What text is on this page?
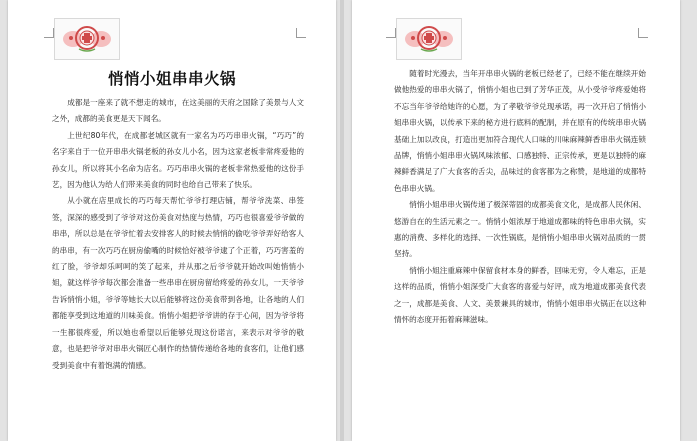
悄悄小姐串串火锅

成都是一座来了就不想走的城市，在这美丽的天府之国除了美景与人文之外，成都的美食更是天下闻名。

上世纪80年代，在成都老城区就有一家名为巧巧串串火锅，“巧巧”的名字来自于一位开串串火锅老板的孙女儿小名，因为这家老板非常疼爱他的孙女儿，所以将其小名命为店名。巧巧串串火锅的老板非常热爱他的这份手艺，因为他认为给人们带来美食的同时也给自己带来了快乐。

从小就在店里成长的巧巧每天帮忙爷爷打理店铺，帮爷爷洗菜、串签签，深深的感受到了爷爷对这份美食对热度与热情，巧巧也很喜爱爷爷做的串串，所以总是在爷爷忙着去安排客人的时候去悄悄的偷吃爷爷弄好给客人的串串，有一次巧巧在厨房偷嘴的时候恰好被爷爷逮了个正着，巧巧害羞的红了脸，爷爷却乐呵呵的笑了起来，并从那之后爷爷就开始改叫她悄悄小姐，就这样爷爷每次都会准备一些串串在厨房留给疼爱的孙女儿，一天爷爷告诉悄悄小姐，爷爷等她长大以后能够将这份美食带到各地，让各地的人们都能享受到这地道的川味美食。悄悄小姐把爷爷讲的存于心间，因为爷爷将一生都很疼爱，所以她也希望以后能够兑现这份诺言，来表示对爷爷的敬意，也是把爷爷对串串火锅匠心制作的热情传递给各地的食客们，让他们感受到美食中有着饱满的情感。

随着时光漫去，当年开串串火锅的老板已经老了，已经不能在继续开始做他热爱的串串火锅了，悄悄小姐也已到了芳华正茂，从小受爷爷疼爱她将不忘当年爷爷给她许的心愿，为了孝敬爷爷兑现承诺，再一次开启了悄悄小姐串串火锅，以传承下来的秘方进行底料的配制，并在原有的传统串串火锅基础上加以改良，打造出更加符合现代人口味的川味麻辣鲜香串串火锅连锁品牌，悄悄小姐串串火锅风味浓郁、口感独特、正宗传承，更是以独特的麻辣鲜香满足了广大食客的舌尖，品味过的食客都为之称赞，是地道的成都特色串串火锅。

悄悄小姐串串火锅传递了极深蒂固的成都美食文化，是成都人民休闲、悠游自在的生活元素之一。悄悄小姐浓厚于地道成都味的特色串串火锅，实惠的消费、多样化的选择、一次性锅底，是悄悄小姐串串火锅对品质的一贯坚持。

悄悄小姐注重麻辣中保留食材本身的鲜香，回味无穷，令人难忘，正是这样的品质，悄悄小姐深受广大食客的喜爱与好评，成为地道成都美食代表之一，成都是美食、人文、美景兼具的城市，悄悄小姐串串火锅正在以这种情怀的态度开拓着麻辣滋味。
